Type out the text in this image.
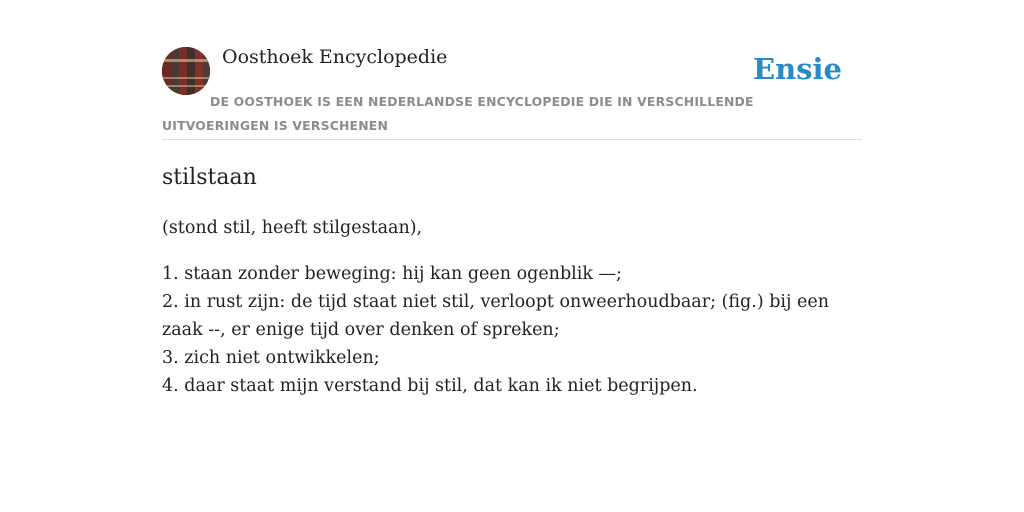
Oosthoek Encyclopedie	Ensie
DE OOSTHOEK IS EEN NEDERLANDSE ENCYCLOPEDIE DIE IN VERSCHILLENDE UITVOERINGEN IS VERSCHENEN
stilstaan

(stond stil, heeft stilgestaan),

1. staan zonder beweging: hij kan geen ogenblik —;
2. in rust zijn: de tijd staat niet stil, verloopt onweerhoudbaar; (fig.) bij een zaak --, er enige tijd over denken of spreken;
3. zich niet ontwikkelen;
4. daar staat mijn verstand bij stil, dat kan ik niet begrijpen.
